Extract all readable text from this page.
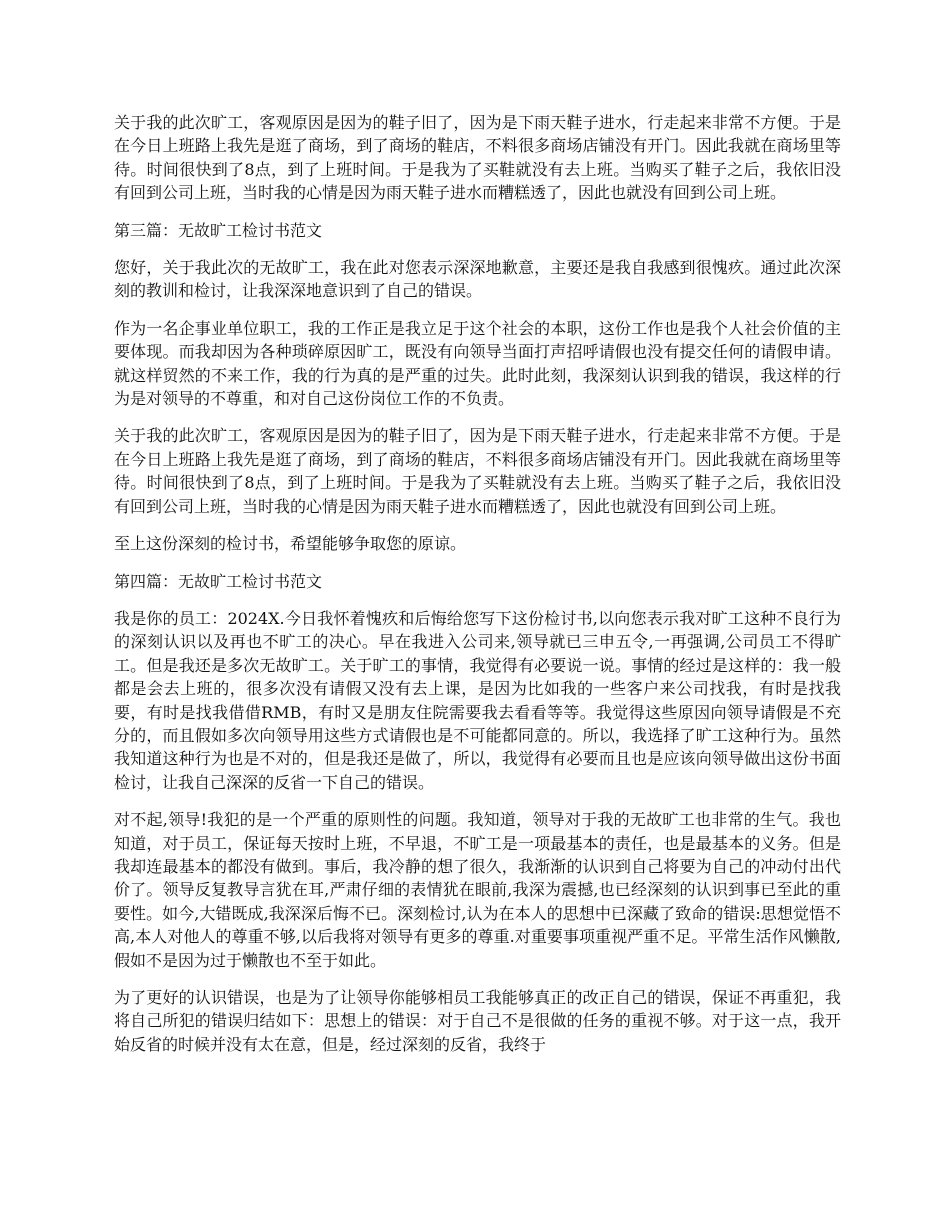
关于我的此次旷工，客观原因是因为的鞋子旧了，因为是下雨天鞋子进水，行走起来非常不方便。于是在今日上班路上我先是逛了商场，到了商场的鞋店，不料很多商场店铺没有开门。因此我就在商场里等待。时间很快到了8点，到了上班时间。于是我为了买鞋就没有去上班。当购买了鞋子之后，我依旧没有回到公司上班，当时我的心情是因为雨天鞋子进水而糟糕透了，因此也就没有回到公司上班。

第三篇：无故旷工检讨书范文

您好，关于我此次的无故旷工，我在此对您表示深深地歉意，主要还是我自我感到很愧疚。通过此次深刻的教训和检讨，让我深深地意识到了自己的错误。

作为一名企事业单位职工，我的工作正是我立足于这个社会的本职，这份工作也是我个人社会价值的主要体现。而我却因为各种琐碎原因旷工，既没有向领导当面打声招呼请假也没有提交任何的请假申请。就这样贸然的不来工作，我的行为真的是严重的过失。此时此刻，我深刻认识到我的错误，我这样的行为是对领导的不尊重，和对自己这份岗位工作的不负责。

关于我的此次旷工，客观原因是因为的鞋子旧了，因为是下雨天鞋子进水，行走起来非常不方便。于是在今日上班路上我先是逛了商场，到了商场的鞋店，不料很多商场店铺没有开门。因此我就在商场里等待。时间很快到了8点，到了上班时间。于是我为了买鞋就没有去上班。当购买了鞋子之后，我依旧没有回到公司上班，当时我的心情是因为雨天鞋子进水而糟糕透了，因此也就没有回到公司上班。

至上这份深刻的检讨书，希望能够争取您的原谅。

第四篇：无故旷工检讨书范文

我是你的员工：2024X.今日我怀着愧疚和后悔给您写下这份检讨书,以向您表示我对旷工这种不良行为的深刻认识以及再也不旷工的决心。早在我进入公司来,领导就已三申五令,一再强调,公司员工不得旷工。但是我还是多次无故旷工。关于旷工的事情，我觉得有必要说一说。事情的经过是这样的：我一般都是会去上班的，很多次没有请假又没有去上课，是因为比如我的一些客户来公司找我，有时是找我要，有时是找我借借RMB，有时又是朋友住院需要我去看看等等。我觉得这些原因向领导请假是不充分的，而且假如多次向领导用这些方式请假也是不可能都同意的。所以，我选择了旷工这种行为。虽然我知道这种行为也是不对的，但是我还是做了，所以，我觉得有必要而且也是应该向领导做出这份书面检讨，让我自己深深的反省一下自己的错误。

对不起,领导!我犯的是一个严重的原则性的问题。我知道，领导对于我的无故旷工也非常的生气。我也知道，对于员工，保证每天按时上班，不早退，不旷工是一项最基本的责任，也是最基本的义务。但是我却连最基本的都没有做到。事后，我冷静的想了很久，我渐渐的认识到自己将要为自己的冲动付出代价了。领导反复教导言犹在耳,严肃仔细的表情犹在眼前,我深为震撼,也已经深刻的认识到事已至此的重要性。如今,大错既成,我深深后悔不已。深刻检讨,认为在本人的思想中已深藏了致命的错误:思想觉悟不高,本人对他人的尊重不够,以后我将对领导有更多的尊重.对重要事项重视严重不足。平常生活作风懒散,假如不是因为过于懒散也不至于如此。

为了更好的认识错误，也是为了让领导你能够相员工我能够真正的改正自己的错误，保证不再重犯，我将自己所犯的错误归结如下：思想上的错误：对于自己不是很做的任务的重视不够。对于这一点，我开始反省的时候并没有太在意，但是，经过深刻的反省，我终于
